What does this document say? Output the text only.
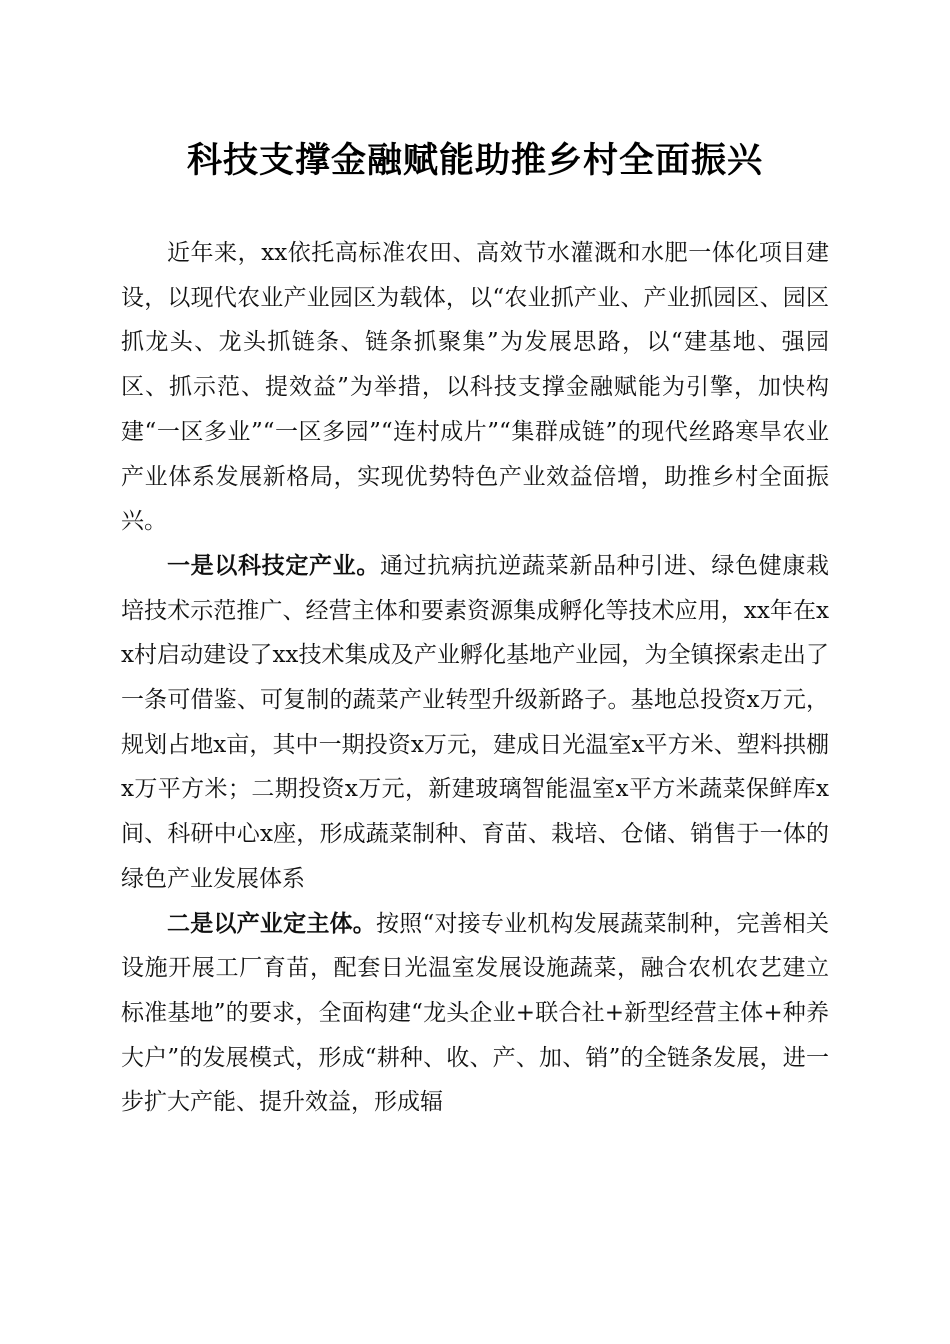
科技支撑金融赋能助推乡村全面振兴

近年来，xx依托高标准农田、高效节水灌溉和水肥一体化项目建设，以现代农业产业园区为载体，以“农业抓产业、产业抓园区、园区抓龙头、龙头抓链条、链条抓聚集”为发展思路，以“建基地、强园区、抓示范、提效益”为举措，以科技支撑金融赋能为引擎，加快构建“一区多业”“一区多园”“连村成片”“集群成链”的现代丝路寒旱农业产业体系发展新格局，实现优势特色产业效益倍增，助推乡村全面振兴。

一是以科技定产业。通过抗病抗逆蔬菜新品种引进、绿色健康栽培技术示范推广、经营主体和要素资源集成孵化等技术应用，xx年在xx村启动建设了xx技术集成及产业孵化基地产业园，为全镇探索走出了一条可借鉴、可复制的蔬菜产业转型升级新路子。基地总投资x万元，规划占地x亩，其中一期投资x万元，建成日光温室x平方米、塑料拱棚x万平方米；二期投资x万元，新建玻璃智能温室x平方米蔬菜保鲜库x间、科研中心x座，形成蔬菜制种、育苗、栽培、仓储、销售于一体的绿色产业发展体系

二是以产业定主体。按照“对接专业机构发展蔬菜制种，完善相关设施开展工厂育苗，配套日光温室发展设施蔬菜，融合农机农艺建立标准基地”的要求，全面构建“龙头企业+联合社+新型经营主体+种养大户”的发展模式，形成“耕种、收、产、加、销”的全链条发展，进一步扩大产能、提升效益，形成辐
